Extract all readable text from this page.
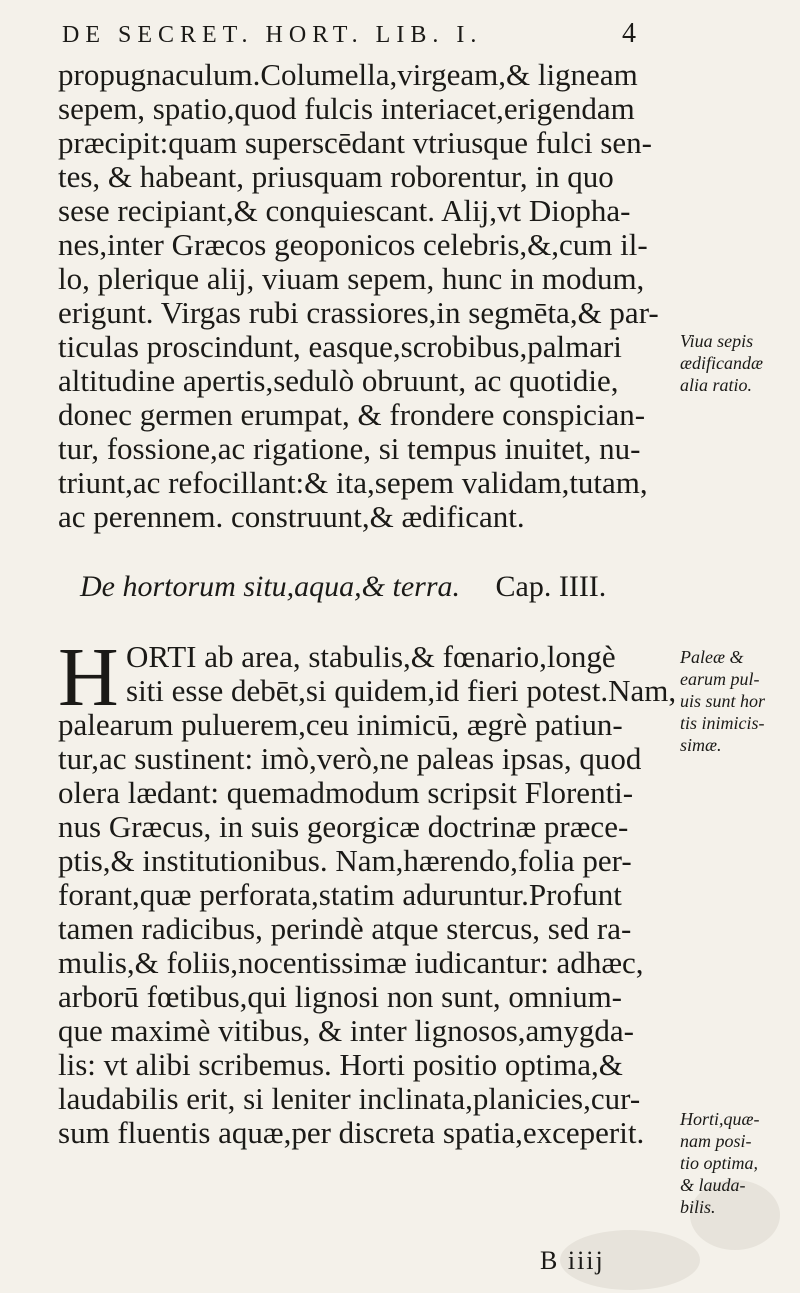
DE SECRET. HORT. LIB. I.	4
propugnaculum.Columella,virgeam,& ligneam
sepem, spatio,quod fulcis interiacet,erigendam
præcipit:quam superscēdant vtriusque fulci sen-
tes, & habeant, priusquam roborentur, in quo
sese recipiant,& conquiescant. Alij,vt Diopha-
nes,inter Græcos geoponicos celebris,&,cum il-
lo, plerique alij, viuam sepem, hunc in modum,
erigunt. Virgas rubi crassiores,in segmēta,& par-
ticulas proscindunt, easque,scrobibus,palmari
altitudine apertis,sedulò obruunt, ac quotidie,
donec germen erumpat, & frondere conspician-
tur, fossione,ac rigatione, si tempus inuitet, nu-
triunt,ac refocillant:& ita,sepem validam,tutam,
ac perennem. construunt,& ædificant.
Viua sepis
ædificandæ
alia ratio.
De hortorum situ,aqua,& terra. Cap. IIII.
H ORTI ab area, stabulis,& fœnario,longè
siti esse debēt,si quidem,id fieri potest.Nam,
palearum puluerem,ceu inimicū, ægrè patiun-
tur,ac sustinent: imò,verò,ne paleas ipsas, quod
olera lædant: quemadmodum scripsit Florenti-
nus Græcus, in suis georgicæ doctrinæ præce-
ptis,& institutionibus. Nam,hærendo,folia per-
forant,quæ perforata,statim aduruntur.Profunt
tamen radicibus, perindè atque stercus, sed ra-
mulis,& foliis,nocentissimæ iudicantur: adhæc,
arborū fœtibus,qui lignosi non sunt, omnium-
que maximè vitibus, & inter lignosos,amygda-
lis: vt alibi scribemus. Horti positio optima,&
laudabilis erit, si leniter inclinata,planicies,cur-
sum fluentis aquæ,per discreta spatia,exceperit.
Paleæ &
earum pul-
uis sunt hor
tis inimicis-
simæ.
Horti,quæ-
nam posi-
tio optima,
& lauda-
bilis.
B iiij
